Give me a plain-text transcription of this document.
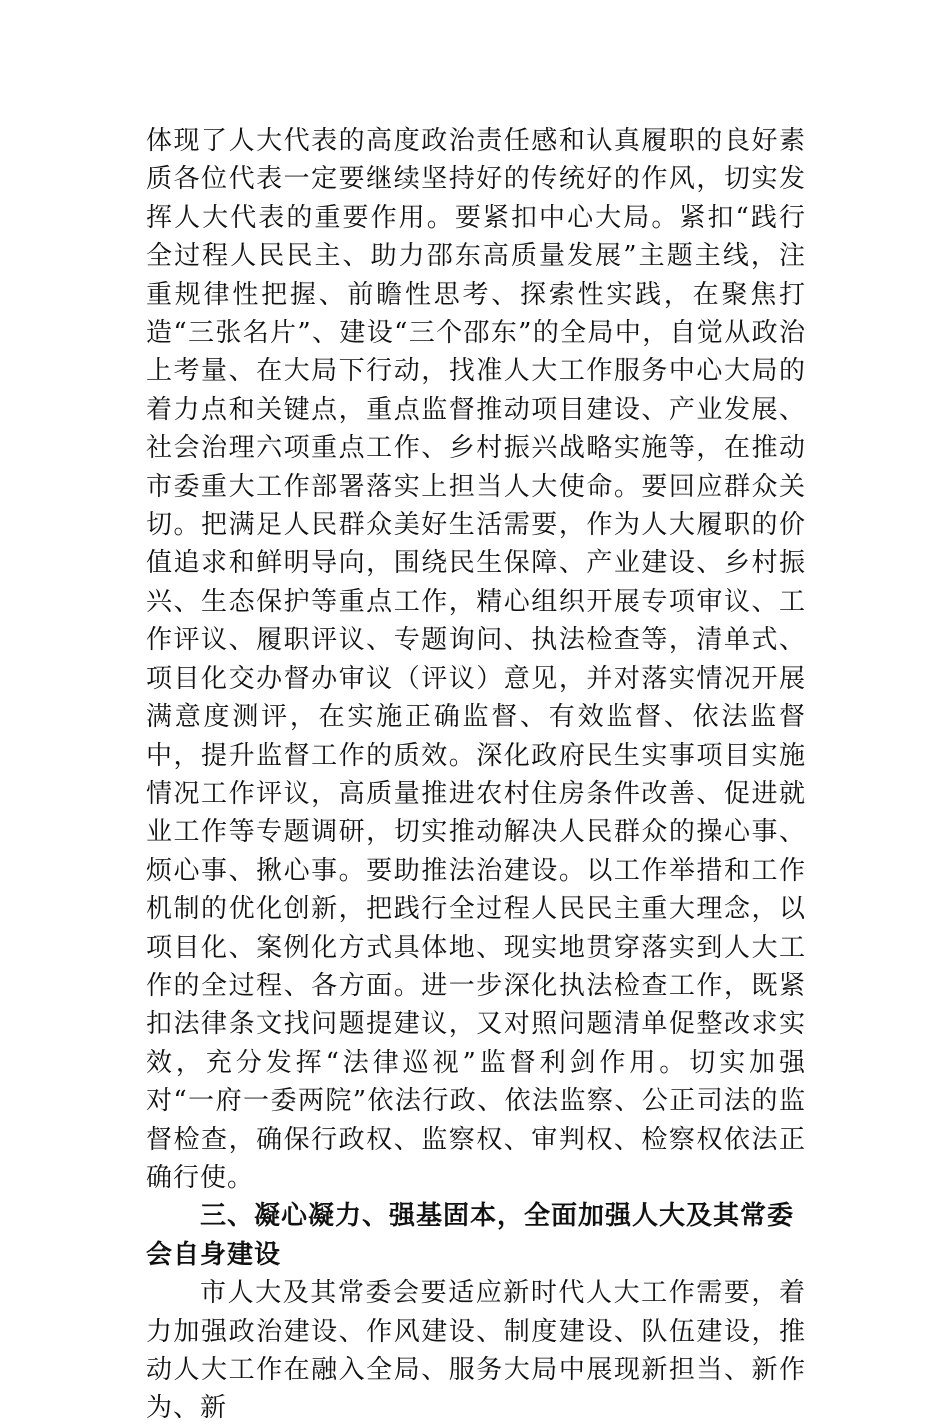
体现了人大代表的高度政治责任感和认真履职的良好素质各位代表一定要继续坚持好的传统好的作风，切实发挥人大代表的重要作用。要紧扣中心大局。紧扣“践行全过程人民民主、助力邵东高质量发展”主题主线，注重规律性把握、前瞻性思考、探索性实践，在聚焦打造“三张名片”、建设“三个邵东”的全局中，自觉从政治上考量、在大局下行动，找准人大工作服务中心大局的着力点和关键点，重点监督推动项目建设、产业发展、社会治理六项重点工作、乡村振兴战略实施等，在推动市委重大工作部署落实上担当人大使命。要回应群众关切。把满足人民群众美好生活需要，作为人大履职的价值追求和鲜明导向，围绕民生保障、产业建设、乡村振兴、生态保护等重点工作，精心组织开展专项审议、工作评议、履职评议、专题询问、执法检查等，清单式、项目化交办督办审议（评议）意见，并对落实情况开展满意度测评，在实施正确监督、有效监督、依法监督中，提升监督工作的质效。深化政府民生实事项目实施情况工作评议，高质量推进农村住房条件改善、促进就业工作等专题调研，切实推动解决人民群众的操心事、烦心事、揪心事。要助推法治建设。以工作举措和工作机制的优化创新，把践行全过程人民民主重大理念，以项目化、案例化方式具体地、现实地贯穿落实到人大工作的全过程、各方面。进一步深化执法检查工作，既紧扣法律条文找问题提建议，又对照问题清单促整改求实效，充分发挥“法律巡视”监督利剑作用。切实加强对“一府一委两院”依法行政、依法监察、公正司法的监督检查，确保行政权、监察权、审判权、检察权依法正确行使。

三、凝心凝力、强基固本，全面加强人大及其常委会自身建设

市人大及其常委会要适应新时代人大工作需要，着力加强政治建设、作风建设、制度建设、队伍建设，推动人大工作在融入全局、服务大局中展现新担当、新作为、新
